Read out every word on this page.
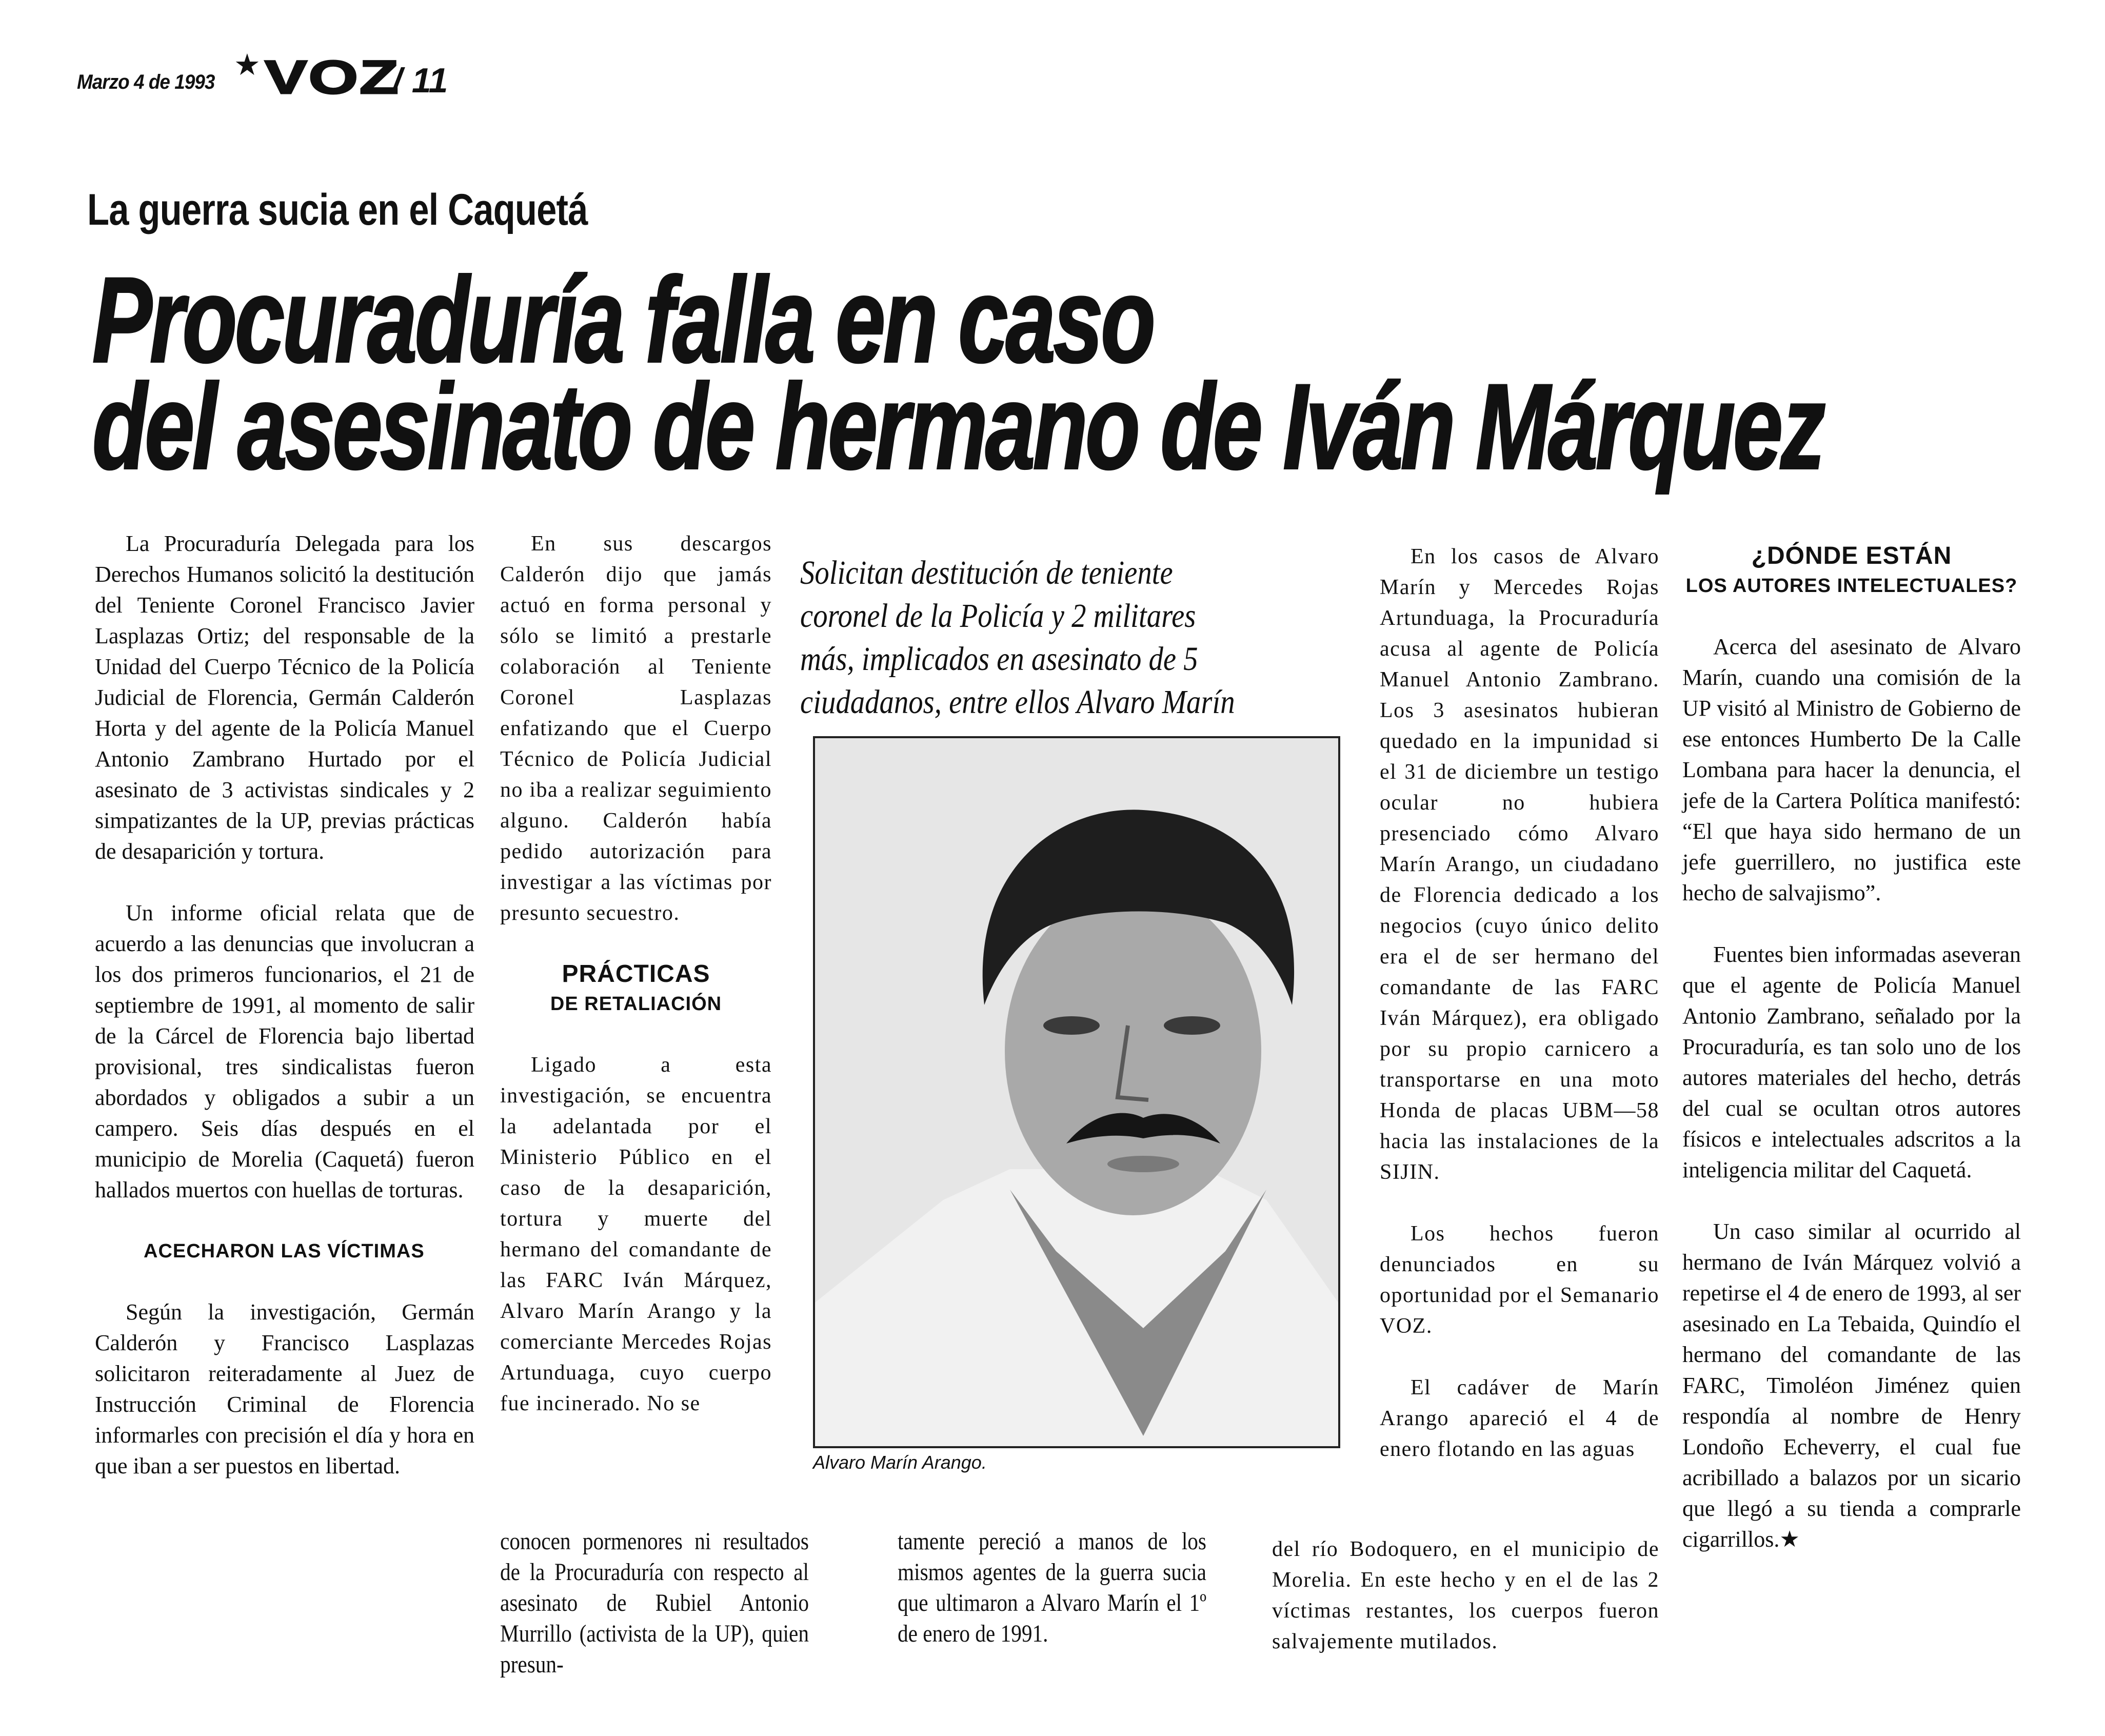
Marzo 4 de 1993 ★ VOZ
/ 11
La guerra sucia en el Caquetá
Procuraduría falla en caso
del asesinato de hermano de Iván Márquez

La Procuraduría Delegada para los Derechos Humanos solicitó la destitución del Teniente Coronel Francisco Javier Lasplazas Ortiz; del responsable de la Unidad del Cuerpo Técnico de la Policía Judicial de Florencia, Germán Calderón Horta y del agente de la Policía Manuel Antonio Zambrano Hurtado por el asesinato de 3 activistas sindicales y 2 simpatizantes de la UP, previas prácticas de desaparición y tortura.

Un informe oficial relata que de acuerdo a las denuncias que involucran a los dos primeros funcionarios, el 21 de septiembre de 1991, al momento de salir de la Cárcel de Florencia bajo libertad provisional, tres sindicalistas fueron abordados y obligados a subir a un campero. Seis días después en el municipio de Morelia (Caquetá) fueron hallados muertos con huellas de torturas.

ACECHARON LAS VÍCTIMAS

Según la investigación, Germán Calderón y Francisco Lasplazas solicitaron reiteradamente al Juez de Instrucción Criminal de Florencia informarles con precisión el día y hora en que iban a ser puestos en libertad.

En sus descargos Calderón dijo que jamás actuó en forma personal y sólo se limitó a prestarle colaboración al Teniente Coronel Lasplazas enfatizando que el Cuerpo Técnico de Policía Judicial no iba a realizar seguimiento alguno. Calderón había pedido autorización para investigar a las víctimas por presunto secuestro.

PRÁCTICAS
DE RETALIACIÓN

Ligado a esta investigación, se encuentra la adelantada por el Ministerio Público en el caso de la desaparición, tortura y muerte del hermano del comandante de las FARC Iván Márquez, Alvaro Marín Arango y la comerciante Mercedes Rojas Artunduaga, cuyo cuerpo fue incinerado. No se

conocen pormenores ni resultados de la Procuraduría con respecto al asesinato de Rubiel Antonio Murrillo (activista de la UP), quien presun-

Solicitan destitución de teniente
coronel de la Policía y 2 militares
más, implicados en asesinato de 5
ciudadanos, entre ellos Alvaro Marín
Alvaro Marín Arango.

tamente pereció a manos de los mismos agentes de la guerra sucia que ultimaron a Alvaro Marín el 1º de enero de 1991.

En los casos de Alvaro Marín y Mercedes Rojas Artunduaga, la Procuraduría acusa al agente de Policía Manuel Antonio Zambrano. Los 3 asesinatos hubieran quedado en la impunidad si el 31 de diciembre un testigo ocular no hubiera presenciado cómo Alvaro Marín Arango, un ciudadano de Florencia dedicado a los negocios (cuyo único delito era el de ser hermano del comandante de las FARC Iván Márquez), era obligado por su propio carnicero a transportarse en una moto Honda de placas UBM—58 hacia las instalaciones de la SIJIN.

Los hechos fueron denunciados en su oportunidad por el Semanario VOZ.

El cadáver de Marín Arango apareció el 4 de enero flotando en las aguas

del río Bodoquero, en el municipio de Morelia. En este hecho y en el de las 2 víctimas restantes, los cuerpos fueron salvajemente mutilados.

¿DÓNDE ESTÁN
LOS AUTORES INTELECTUALES?

Acerca del asesinato de Alvaro Marín, cuando una comisión de la UP visitó al Ministro de Gobierno de ese entonces Humberto De la Calle Lombana para hacer la denuncia, el jefe de la Cartera Política manifestó: “El que haya sido hermano de un jefe guerrillero, no justifica este hecho de salvajismo”.

Fuentes bien informadas aseveran que el agente de Policía Manuel Antonio Zambrano, señalado por la Procuraduría, es tan solo uno de los autores materiales del hecho, detrás del cual se ocultan otros autores físicos e intelectuales adscritos a la inteligencia militar del Caquetá.

Un caso similar al ocurrido al hermano de Iván Márquez volvió a repetirse el 4 de enero de 1993, al ser asesinado en La Tebaida, Quindío el hermano del comandante de las FARC, Timoléon Jiménez quien respondía al nombre de Henry Londoño Echeverry, el cual fue acribillado a balazos por un sicario que llegó a su tienda a comprarle cigarrillos.★
